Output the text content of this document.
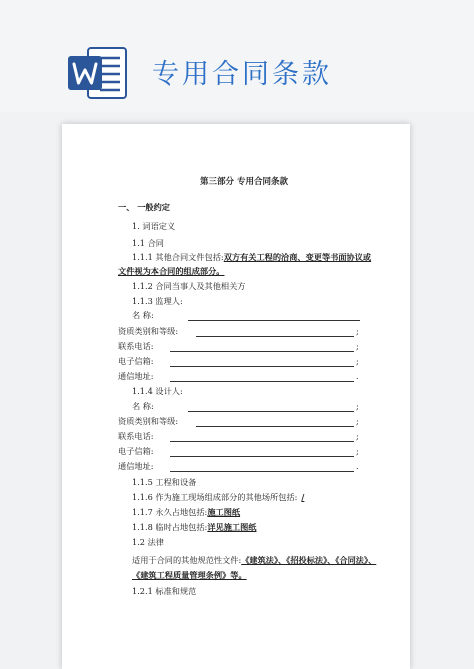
专用合同条款
第三部分 专用合同条款
一、 一般约定
1. 词语定义
1.1 合同
1.1.1 其他合同文件包括:双方有关工程的洽商、变更等书面协议或
文件视为本合同的组成部分。
1.1.2 合同当事人及其他相关方
1.1.3 监理人:
名 称:
资质类别和等级:	;
联系电话:	;
电子信箱:	;
通信地址:	.
1.1.4 设计人:
名 称:	;
资质类别和等级:	;
联系电话:	;
电子信箱:	;
通信地址:	.
1.1.5 工程和设备
1.1.6 作为施工现场组成部分的其他场所包括: /
1.1.7 永久占地包括:施工图纸
1.1.8 临时占地包括:详见施工图纸
1.2 法律
适用于合同的其他规范性文件:《建筑法》、《招投标法》、《合同法》、
《建筑工程质量管理条例》等。
1.2.1 标准和规范
